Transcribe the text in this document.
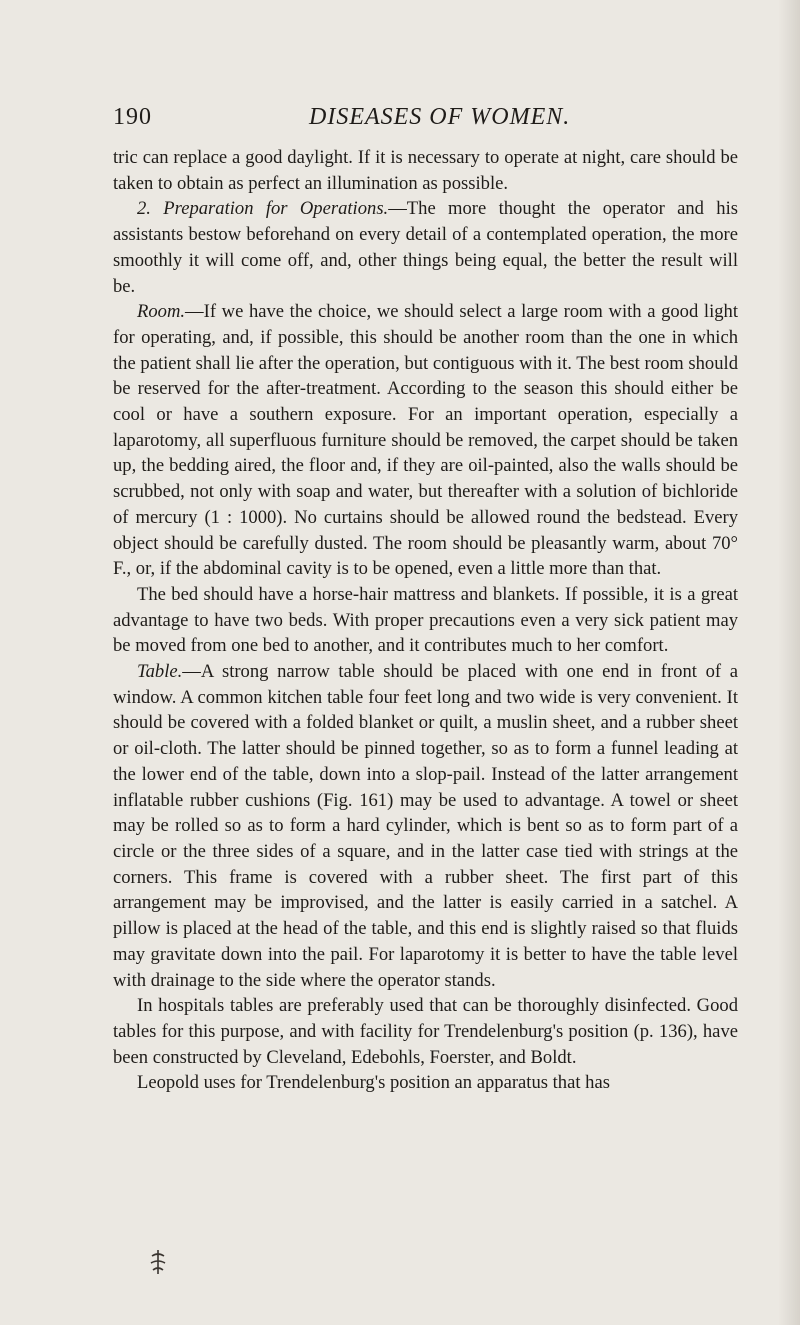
190	DISEASES OF WOMEN.

tric can replace a good daylight. If it is necessary to operate at night, care should be taken to obtain as perfect an illumination as possible.

2. Preparation for Operations.—The more thought the operator and his assistants bestow beforehand on every detail of a contemplated operation, the more smoothly it will come off, and, other things being equal, the better the result will be.

Room.—If we have the choice, we should select a large room with a good light for operating, and, if possible, this should be another room than the one in which the patient shall lie after the operation, but contiguous with it. The best room should be reserved for the after-treatment. According to the season this should either be cool or have a southern exposure. For an important operation, especially a laparotomy, all superfluous furniture should be removed, the carpet should be taken up, the bedding aired, the floor and, if they are oil-painted, also the walls should be scrubbed, not only with soap and water, but thereafter with a solution of bichloride of mercury (1 : 1000). No curtains should be allowed round the bedstead. Every object should be carefully dusted. The room should be pleasantly warm, about 70° F., or, if the abdominal cavity is to be opened, even a little more than that.

The bed should have a horse-hair mattress and blankets. If possible, it is a great advantage to have two beds. With proper precautions even a very sick patient may be moved from one bed to another, and it contributes much to her comfort.

Table.—A strong narrow table should be placed with one end in front of a window. A common kitchen table four feet long and two wide is very convenient. It should be covered with a folded blanket or quilt, a muslin sheet, and a rubber sheet or oil-cloth. The latter should be pinned together, so as to form a funnel leading at the lower end of the table, down into a slop-pail. Instead of the latter arrangement inflatable rubber cushions (Fig. 161) may be used to advantage. A towel or sheet may be rolled so as to form a hard cylinder, which is bent so as to form part of a circle or the three sides of a square, and in the latter case tied with strings at the corners. This frame is covered with a rubber sheet. The first part of this arrangement may be improvised, and the latter is easily carried in a satchel. A pillow is placed at the head of the table, and this end is slightly raised so that fluids may gravitate down into the pail. For laparotomy it is better to have the table level with drainage to the side where the operator stands.

In hospitals tables are preferably used that can be thoroughly disinfected. Good tables for this purpose, and with facility for Trendelenburg's position (p. 136), have been constructed by Cleveland, Edebohls, Foerster, and Boldt.

Leopold uses for Trendelenburg's position an apparatus that has
